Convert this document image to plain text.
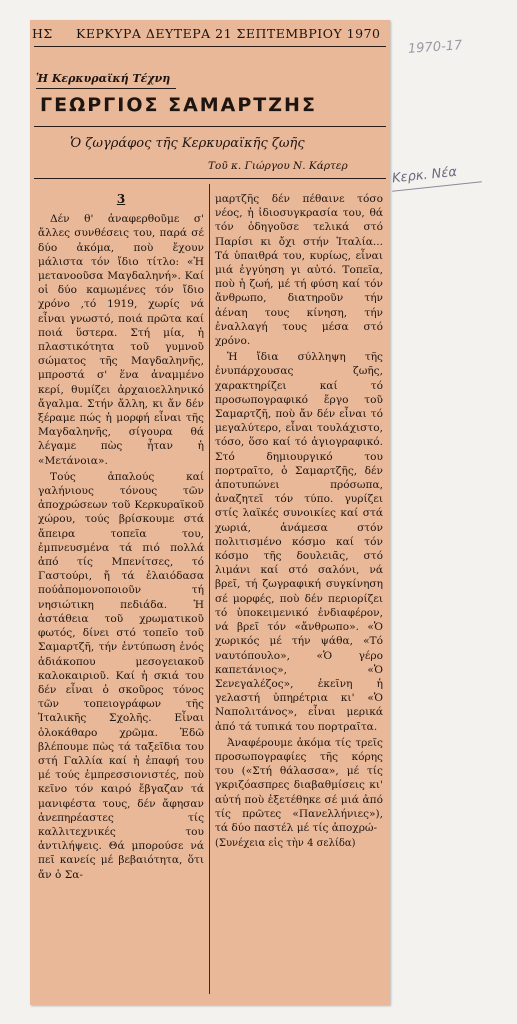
ΗΣ ΚΕΡΚΥΡΑ ΔΕΥΤΕΡΑ 21 ΣΕΠΤΕΜΒΡΙΟΥ 1970
Ἡ Κερκυραϊκή Τέχνη
ΓΕΩΡΓΙΟΣ ΣΑΜΑΡΤΖΗΣ
Ὁ ζωγράφος τῆς Κερκυραϊκῆς ζωῆς
Τοῦ κ. Γιώργου Ν. Κάρτερ
3

Δέν θ' ἀναφερθοῦμε σ' ἄλλες συνθέσεις του, παρά σέ δύο ἀκόμα, ποὺ ἔχουν μάλιστα τόν ἴδιο τίτλο: «Ἡ μετανοοῦσα Μαγδαληνή». Καί οἱ δύο καμωμένες τόν ἴδιο χρόνο ,τό 1919, χωρίς νά εἶναι γνωστό, ποιά πρῶτα καί ποιά ὕστερα. Στή μία, ἡ πλαστικότητα τοῦ γυμνοῦ σώματος τῆς Μαγδαληνῆς, μπροστά σ' ἕνα ἀναμμένο κερί, θυμίζει ἀρχαιοελληνικό ἄγαλμα. Στήν ἄλλη, κι ἄν δέν ξέραμε πώς ἡ μορφή εἶναι τῆς Μαγδαληνῆς, σίγουρα θά λέγαμε πὼς ἦταν ἡ «Μετάνοια».

Τούς ἁπαλούς καί γαλήνιους τόνους τῶν ἀποχρώσεων τοῦ Κερκυραϊκοῦ χώρου, τούς βρίσκουμε στά ἄπειρα τοπεῖα του, ἐμπνευσμένα τά πιό πολλά ἀπό τίς Μπενίτσες, τό Γαστούρι, ἤ τά ἐλαιόδασα πούἀπομονοποιοῦν τή νησιώτικη πεδιάδα. Ἡ ἀστάθεια τοῦ χρωματικοῦ φωτός, δίνει στό τοπεῖο τοῦ Σαμαρτζῆ, τήν ἐντύπωση ἑνός ἀδιάκοπου μεσογειακοῦ καλοκαιριοῦ. Καί ἡ σκιά του δέν εἶναι ὁ σκοῦρος τόνος τῶν τοπειογράφων τῆς Ἰταλικῆς Σχολῆς. Εἶναι ὁλοκάθαρο χρῶμα. Ἐδῶ βλέπουμε πὼς τά ταξεῖδια του στή Γαλλία καί ἡ ἐπαφή του μέ τούς ἐμπρεσσιονιστές, ποὺ κεῖνο τόν καιρό ἔβγαζαν τά μανιφέστα τους, δέν ἄφησαν ἀνεπηρέαστες τίς καλλιτεχνικές του ἀντιλήψεις. Θά μπορούσε νά πεῖ κανείς μέ βεβαιότητα, ὅτι ἄν ὁ Σα-

μαρτζῆς δέν πέθαινε τόσο νέος, ἡ ἰδιοσυγκρασία του, θά τόν ὁδηγοῦσε τελικά στό Παρίσι κι ὄχι στήν Ἰταλία... Τά ὑπαιθρά του, κυρίως, εἶναι μιά ἐγγύηση γι αὐτό. Τοπεῖα, ποὺ ἡ ζωή, μέ τή φύση καί τόν ἄνθρωπο, διατηροῦν τήν ἀέναη τους κίνηση, τήν ἐναλλαγή τους μέσα στό χρόνο.

Ἡ ἴδια σύλληψη τῆς ἐνυπάρχουσας ζωῆς, χαρακτηρίζει καί τό προσωπογραφικό ἔργο τοῦ Σαμαρτζῆ, ποὺ ἄν δέν εἶναι τό μεγαλύτερο, εἶναι τουλάχιστο, τόσο, ὅσο καί τό ἁγιογραφικό. Στό δημιουργικό του πορτραῖτο, ὁ Σαμαρτζῆς, δέν ἀποτυπώνει πρόσωπα, ἀναζητεῖ τόν τύπο. γυρίζει στίς λαϊκές συνοικίες καί στά χωριά, ἀνάμεσα στόν πολιτισμένο κόσμο καί τόν κόσμο τῆς δουλειᾶς, στό λιμάνι καί στό σαλόνι, νά βρεῖ, τή ζωγραφική συγκίνηση σέ μορφές, ποὺ δέν περιορίζει τό ὑποκειμενικό ἐνδιαφέρον, νά βρεῖ τόν «ἄνθρωπο». «Ὁ χωρικός μέ τήν ψάθα, «Τό ναυτόπουλο», «Ὁ γέρο καπετάνιος», «Ὁ Σενεγαλέζος», ἐκεῖνη ἡ γελαστή ὑπηρέτρια κι' «Ὁ Ναπολιτάνος», εἶναι μερικά ἀπό τά τυπικά του πορτραῖτα.

Ἀναφέρουμε ἀκόμα τίς τρεῖς προσωπογραφίες τῆς κόρης του («Στή θάλασσα», μέ τίς γκριζόασπρες διαβαθμίσεις κι' αὐτή ποὺ ἐξετέθηκε σέ μιά ἀπό τίς πρῶτες «Πανελλήνιες»), τά δύο παστέλ μέ τίς ἀποχρώ-

(Συνέχεια εἰς τὴν 4 σελίδα)

1970-17
Κερκ. Νέα
